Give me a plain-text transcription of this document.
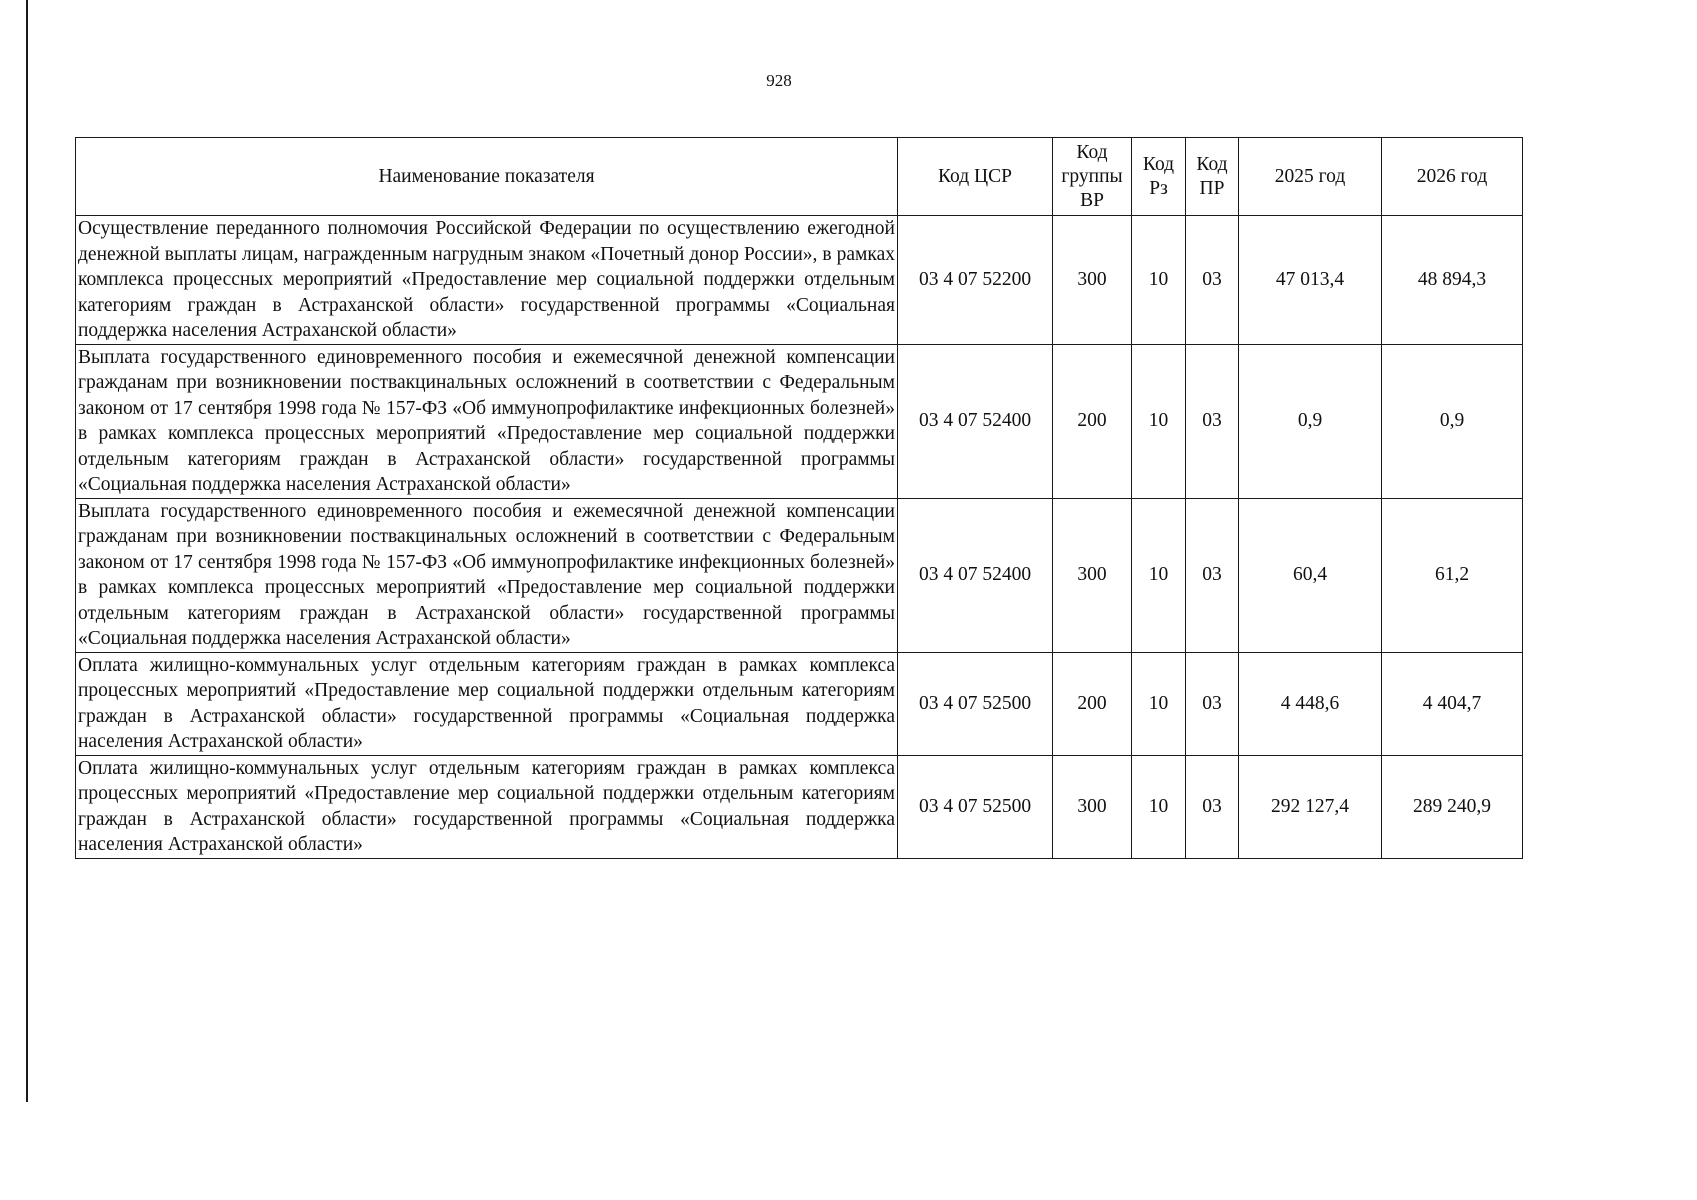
928
Наименование показателя	Код ЦСР	Код группы ВР	Код Рз	Код ПР	2025 год	2026 год
Осуществление переданного полномочия Российской Федерации по осуществлению ежегодной денежной выплаты лицам, награжденным нагрудным знаком «Почетный донор России», в рамках комплекса процессных мероприятий «Предоставление мер социальной поддержки отдельным категориям граждан в Астраханской области» государственной программы «Социальная поддержка населения Астраханской области»	03 4 07 52200	300	10	03	47 013,4	48 894,3
Выплата государственного единовременного пособия и ежемесячной денежной компенсации гражданам при возникновении поствакцинальных осложнений в соответствии с Федеральным законом от 17 сентября 1998 года № 157-ФЗ «Об иммунопрофилактике инфекционных болезней» в рамках комплекса процессных мероприятий «Предоставление мер социальной поддержки отдельным категориям граждан в Астраханской области» государственной программы «Социальная поддержка населения Астраханской области»	03 4 07 52400	200	10	03	0,9	0,9
Выплата государственного единовременного пособия и ежемесячной денежной компенсации гражданам при возникновении поствакцинальных осложнений в соответствии с Федеральным законом от 17 сентября 1998 года № 157-ФЗ «Об иммунопрофилактике инфекционных болезней» в рамках комплекса процессных мероприятий «Предоставление мер социальной поддержки отдельным категориям граждан в Астраханской области» государственной программы «Социальная поддержка населения Астраханской области»	03 4 07 52400	300	10	03	60,4	61,2
Оплата жилищно-коммунальных услуг отдельным категориям граждан в рамках комплекса процессных мероприятий «Предоставление мер социальной поддержки отдельным категориям граждан в Астраханской области» государственной программы «Социальная поддержка населения Астраханской области»	03 4 07 52500	200	10	03	4 448,6	4 404,7
Оплата жилищно-коммунальных услуг отдельным категориям граждан в рамках комплекса процессных мероприятий «Предоставление мер социальной поддержки отдельным категориям граждан в Астраханской области» государственной программы «Социальная поддержка населения Астраханской области»	03 4 07 52500	300	10	03	292 127,4	289 240,9
